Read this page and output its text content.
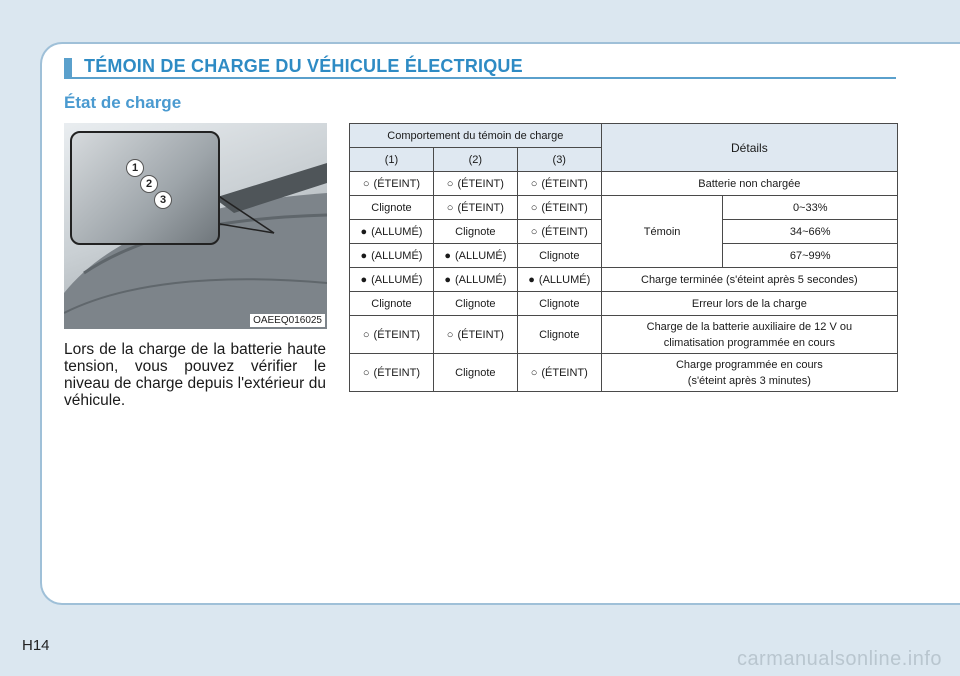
TÉMOIN DE CHARGE DU VÉHICULE ÉLECTRIQUE
État de charge
1
2
3
OAEEQ016025
Lors de la charge de la batterie haute tension, vous pouvez vérifier le niveau de charge depuis l'extérieur du véhicule.
Comportement du témoin de charge			Détails	
(1)	(2)	(3)		
○ (ÉTEINT)	○ (ÉTEINT)	○ (ÉTEINT)	Batterie non chargée	
Clignote	○ (ÉTEINT)	○ (ÉTEINT)	Témoin	0~33%
● (ALLUMÉ)	Clignote	○ (ÉTEINT)		34~66%
● (ALLUMÉ)	● (ALLUMÉ)	Clignote		67~99%
● (ALLUMÉ)	● (ALLUMÉ)	● (ALLUMÉ)	Charge terminée (s'éteint après 5 secondes)	
Clignote	Clignote	Clignote	Erreur lors de la charge	
○ (ÉTEINT)	○ (ÉTEINT)	Clignote	Charge de la batterie auxiliaire de 12 V ou
climatisation programmée en cours	

○ (ÉTEINT)	Clignote	○ (ÉTEINT)	Charge programmée en cours
(s'éteint après 3 minutes)	
H14
carmanualsonline.info
